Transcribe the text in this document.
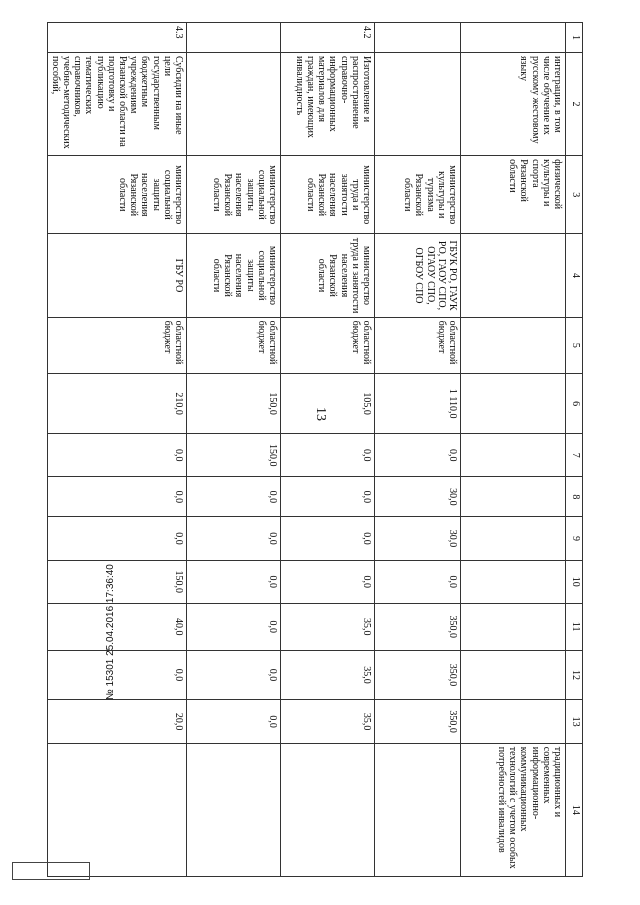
13
1	2	3	4	5	6	7	8	9	10	11	12	13	14
	интеграции, в том числе обучение их русскому жестовому языку	физической культуры и спорта Рязанской области											традиционных и современных информационно-коммуникационных технологий с учетом особых потребностей инвалидов
		министерство культуры и туризма Рязанской области	ГБУК РО, ГАУК РО, ГАОУ СПО, ОГАОУ СПО, ОГБОУ СПО	областной бюджет	1 110,0	0,0	30,0	30,0	0,0	350,0	350,0	350,0	
4.2	Изготовление и распространение справочно-информационных материалов для граждан, имеющих инвалидность	министерство труда и занятости населения Рязанской области	министерство труда и занятости населения Рязанской области	областной бюджет	105,0	0,0	0,0	0,0	0,0	35,0	35,0	35,0	
		министерство социальной защиты населения Рязанской области	министерство социальной защиты населения Рязанской области	областной бюджет	150,0	150,0	0,0	0,0	0,0	0,0	0,0	0,0	
4.3	Субсидии на иные цели государственным бюджетным учреждениям Рязанской области на подготовку и публикацию тематических справочников, учебно-методических пособий,	министерство социальной защиты населения Рязанской области	ГБУ РО	областной бюджет	210,0	0,0	0,0	0,0	150,0	40,0	0,0	20,0	
№ 15301 25.04.2016 17:36:40
